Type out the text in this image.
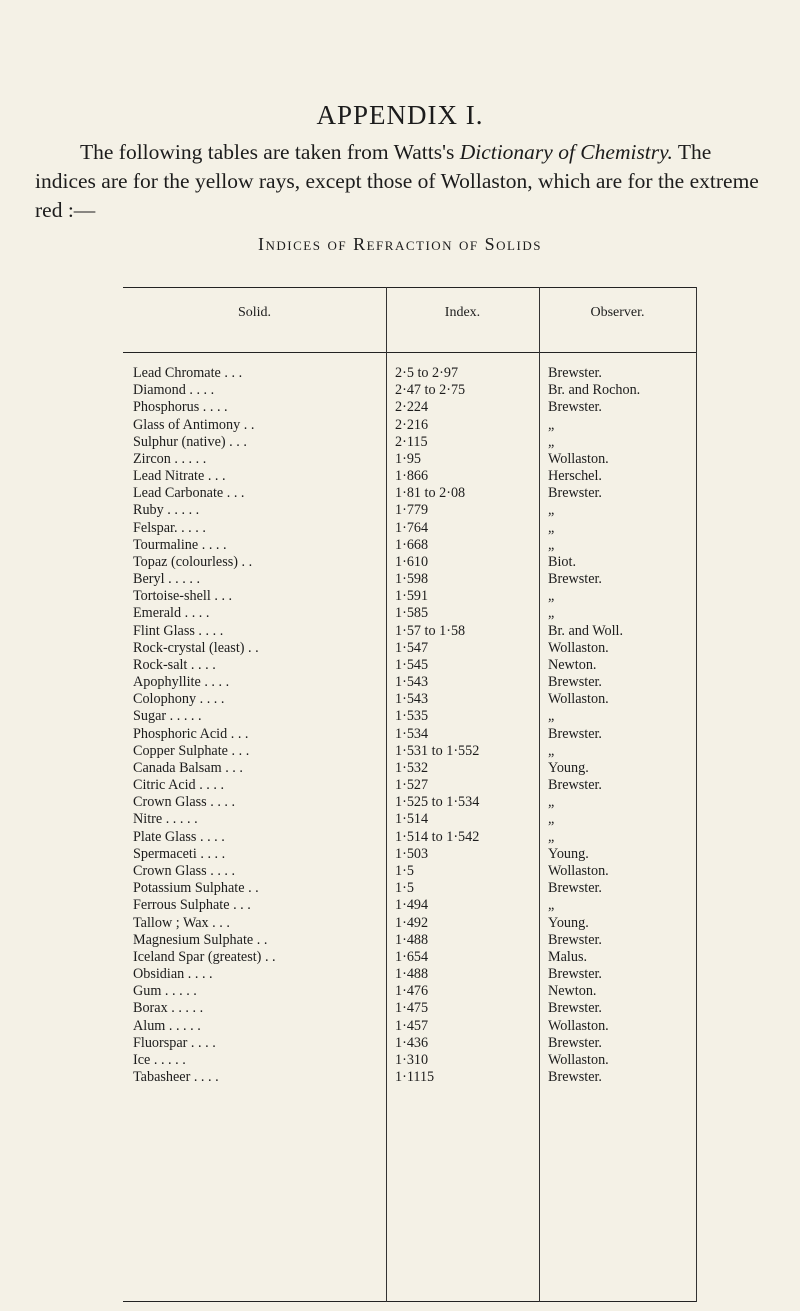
APPENDIX I.

The following tables are taken from Watts's Dictionary of Chemistry. The indices are for the yellow rays, except those of Wollaston, which are for the extreme red :—

Indices of Refraction of Solids
Solid.	Index.	Observer.
Lead Chromate . . .	2·5 to 2·97	Brewster.
Diamond . . . .	2·47 to 2·75	Br. and Rochon.
Phosphorus . . . .	2·224	Brewster.
Glass of Antimony . .	2·216	„
Sulphur (native) . . .	2·115	„
Zircon . . . . .	1·95	Wollaston.
Lead Nitrate . . .	1·866	Herschel.
Lead Carbonate . . .	1·81 to 2·08	Brewster.
Ruby . . . . .	1·779	„
Felspar. . . . .	1·764	„
Tourmaline . . . .	1·668	„
Topaz (colourless) . .	1·610	Biot.
Beryl . . . . .	1·598	Brewster.
Tortoise-shell . . .	1·591	„
Emerald . . . .	1·585	„
Flint Glass . . . .	1·57 to 1·58	Br. and Woll.
Rock-crystal (least) . .	1·547	Wollaston.
Rock-salt . . . .	1·545	Newton.
Apophyllite . . . .	1·543	Brewster.
Colophony . . . .	1·543	Wollaston.
Sugar . . . . .	1·535	„
Phosphoric Acid . . .	1·534	Brewster.
Copper Sulphate . . .	1·531 to 1·552	„
Canada Balsam . . .	1·532	Young.
Citric Acid . . . .	1·527	Brewster.
Crown Glass . . . .	1·525 to 1·534	„
Nitre . . . . .	1·514	„
Plate Glass . . . .	1·514 to 1·542	„
Spermaceti . . . .	1·503	Young.
Crown Glass . . . .	1·5	Wollaston.
Potassium Sulphate . .	1·5	Brewster.
Ferrous Sulphate . . .	1·494	„
Tallow ; Wax . . .	1·492	Young.
Magnesium Sulphate . .	1·488	Brewster.
Iceland Spar (greatest) . .	1·654	Malus.
Obsidian . . . .	1·488	Brewster.
Gum . . . . .	1·476	Newton.
Borax . . . . .	1·475	Brewster.
Alum . . . . .	1·457	Wollaston.
Fluorspar . . . .	1·436	Brewster.
Ice . . . . .	1·310	Wollaston.
Tabasheer . . . .	1·1115	Brewster.
